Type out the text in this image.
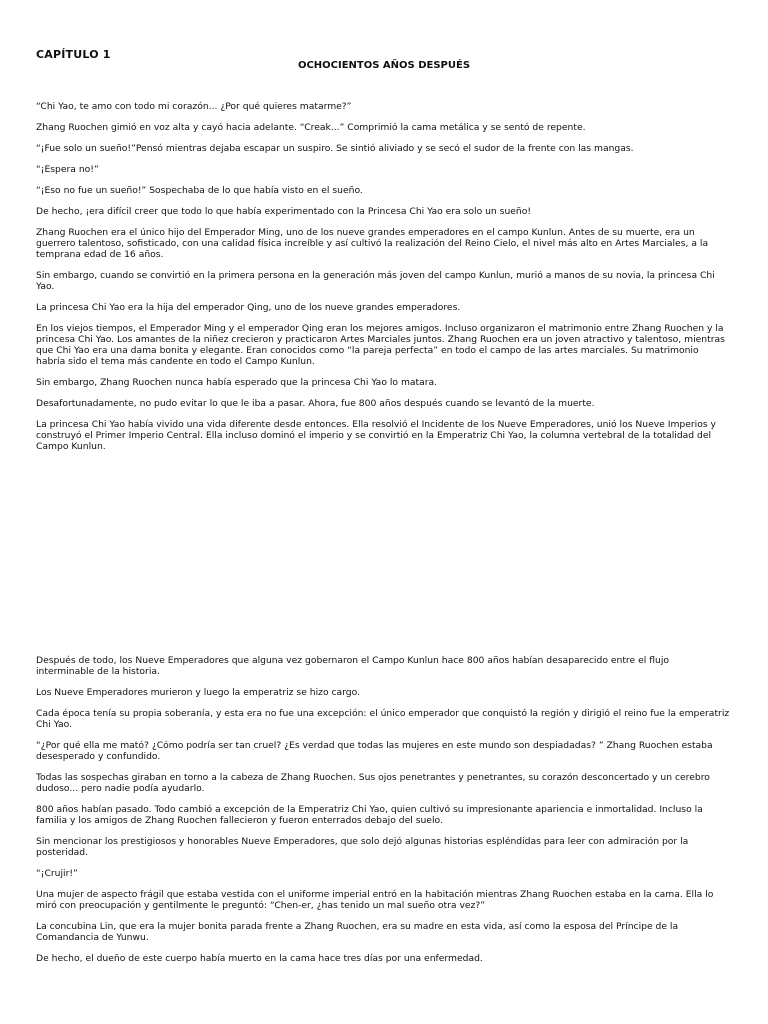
CAPÍTULO 1
OCHOCIENTOS AÑOS DESPUÉS

“Chi Yao, te amo con todo mi corazón... ¿Por qué quieres matarme?”

Zhang Ruochen gimió en voz alta y cayó hacia adelante. “Creak...” Comprimió la cama metálica y se sentó de repente.

“¡Fue solo un sueño!”Pensó mientras dejaba escapar un suspiro. Se sintió aliviado y se secó el sudor de la frente con las mangas.

“¡Espera no!”

“¡Eso no fue un sueño!” Sospechaba de lo que había visto en el sueño.

De hecho, ¡era difícil creer que todo lo que había experimentado con la Princesa Chi Yao era solo un sueño!

Zhang Ruochen era el único hijo del Emperador Ming, uno de los nueve grandes emperadores en el campo Kunlun. Antes de su muerte, era un guerrero talentoso, sofisticado, con una calidad física increíble y así cultivó la realización del Reino Cielo, el nivel más alto en Artes Marciales, a la temprana edad de 16 años.

Sin embargo, cuando se convirtió en la primera persona en la generación más joven del campo Kunlun, murió a manos de su novia, la princesa Chi Yao.

La princesa Chi Yao era la hija del emperador Qing, uno de los nueve grandes emperadores.

En los viejos tiempos, el Emperador Ming y el emperador Qing eran los mejores amigos. Incluso organizaron el matrimonio entre Zhang Ruochen y la princesa Chi Yao. Los amantes de la niñez crecieron y practicaron Artes Marciales juntos. Zhang Ruochen era un joven atractivo y talentoso, mientras que Chi Yao era una dama bonita y elegante. Eran conocidos como “la pareja perfecta” en todo el campo de las artes marciales. Su matrimonio habría sido el tema más candente en todo el Campo Kunlun.

Sin embargo, Zhang Ruochen nunca había esperado que la princesa Chi Yao lo matara.

Desafortunadamente, no pudo evitar lo que le iba a pasar. Ahora, fue 800 años después cuando se levantó de la muerte.

La princesa Chi Yao había vivido una vida diferente desde entonces. Ella resolvió el Incidente de los Nueve Emperadores, unió los Nueve Imperios y construyó el Primer Imperio Central. Ella incluso dominó el imperio y se convirtió en la Emperatriz Chi Yao, la columna vertebral de la totalidad del Campo Kunlun.

Después de todo, los Nueve Emperadores que alguna vez gobernaron el Campo Kunlun hace 800 años habían desaparecido entre el flujo interminable de la historia.

Los Nueve Emperadores murieron y luego la emperatriz se hizo cargo.

Cada época tenía su propia soberanía, y esta era no fue una excepción: el único emperador que conquistó la región y dirigió el reino fue la emperatriz Chi Yao.

“¿Por qué ella me mató? ¿Cómo podría ser tan cruel? ¿Es verdad que todas las mujeres en este mundo son despiadadas? ” Zhang Ruochen estaba desesperado y confundido.

Todas las sospechas giraban en torno a la cabeza de Zhang Ruochen. Sus ojos penetrantes y penetrantes, su corazón desconcertado y un cerebro dudoso... pero nadie podía ayudarlo.

800 años habían pasado. Todo cambió a excepción de la Emperatriz Chi Yao, quien cultivó su impresionante apariencia e inmortalidad. Incluso la familia y los amigos de Zhang Ruochen fallecieron y fueron enterrados debajo del suelo.

Sin mencionar los prestigiosos y honorables Nueve Emperadores, que solo dejó algunas historias espléndidas para leer con admiración por la posteridad.

“¡Crujir!”

Una mujer de aspecto frágil que estaba vestida con el uniforme imperial entró en la habitación mientras Zhang Ruochen estaba en la cama. Ella lo miró con preocupación y gentilmente le preguntó: “Chen-er, ¿has tenido un mal sueño otra vez?”

La concubina Lin, que era la mujer bonita parada frente a Zhang Ruochen, era su madre en esta vida, así como la esposa del Príncipe de la Comandancia de Yunwu.

De hecho, el dueño de este cuerpo había muerto en la cama hace tres días por una enfermedad.
